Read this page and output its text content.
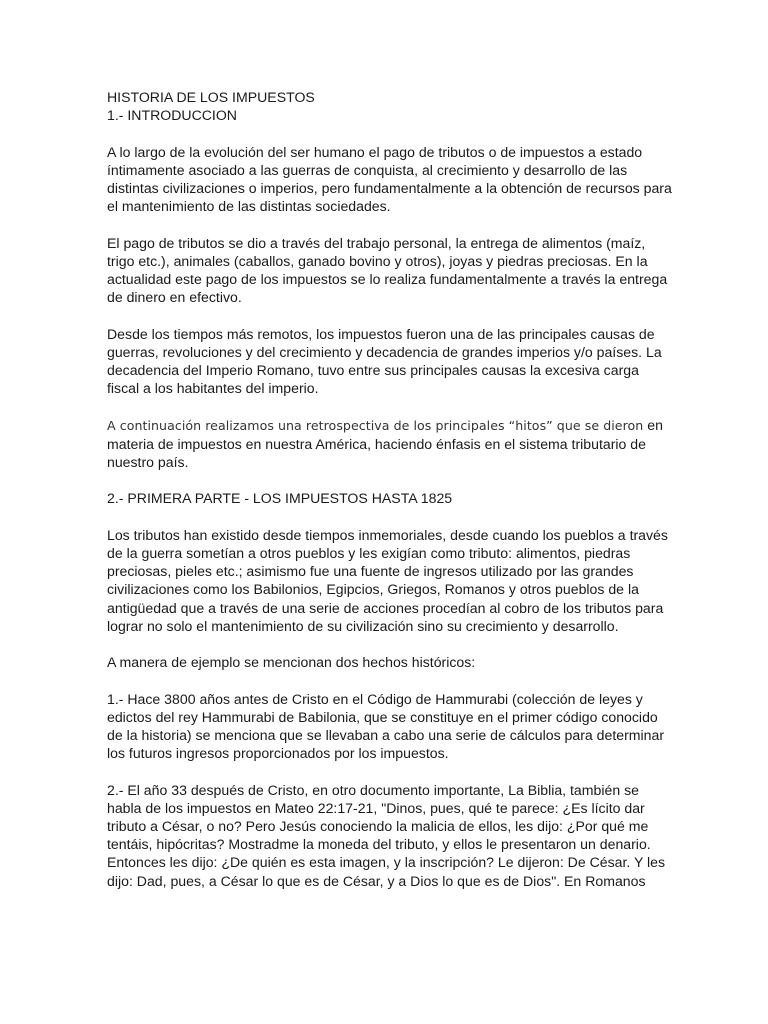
HISTORIA DE LOS IMPUESTOS
1.- INTRODUCCION
A lo largo de la evolución del ser humano el pago de tributos o de impuestos a estado
íntimamente asociado a las guerras de conquista, al crecimiento y desarrollo de las
distintas civilizaciones o imperios, pero fundamentalmente a la obtención de recursos para
el mantenimiento de las distintas sociedades.
El pago de tributos se dio a través del trabajo personal, la entrega de alimentos (maíz,
trigo etc.), animales (caballos, ganado bovino y otros), joyas y piedras preciosas. En la
actualidad este pago de los impuestos se lo realiza fundamentalmente a través la entrega
de dinero en efectivo.
Desde los tiempos más remotos, los impuestos fueron una de las principales causas de
guerras, revoluciones y del crecimiento y decadencia de grandes imperios y/o países. La
decadencia del Imperio Romano, tuvo entre sus principales causas la excesiva carga
fiscal a los habitantes del imperio.
A continuación realizamos una retrospectiva de los principales “hitos” que se dieron en
materia de impuestos en nuestra América, haciendo énfasis en el sistema tributario de
nuestro país.
2.- PRIMERA PARTE - LOS IMPUESTOS HASTA 1825
Los tributos han existido desde tiempos inmemoriales, desde cuando los pueblos a través
de la guerra sometían a otros pueblos y les exigían como tributo: alimentos, piedras
preciosas, pieles etc.; asimismo fue una fuente de ingresos utilizado por las grandes
civilizaciones como los Babilonios, Egipcios, Griegos, Romanos y otros pueblos de la
antigüedad que a través de una serie de acciones procedían al cobro de los tributos para
lograr no solo el mantenimiento de su civilización sino su crecimiento y desarrollo.
A manera de ejemplo se mencionan dos hechos históricos:
1.- Hace 3800 años antes de Cristo en el Código de Hammurabi (colección de leyes y
edictos del rey Hammurabi de Babilonia, que se constituye en el primer código conocido
de la historia) se menciona que se llevaban a cabo una serie de cálculos para determinar
los futuros ingresos proporcionados por los impuestos.
2.- El año 33 después de Cristo, en otro documento importante, La Biblia, también se
habla de los impuestos en Mateo 22:17-21, "Dinos, pues, qué te parece: ¿Es lícito dar
tributo a César, o no? Pero Jesús conociendo la malicia de ellos, les dijo: ¿Por qué me
tentáis, hipócritas? Mostradme la moneda del tributo, y ellos le presentaron un denario.
Entonces les dijo: ¿De quién es esta imagen, y la inscripción? Le dijeron: De César. Y les
dijo: Dad, pues, a César lo que es de César, y a Dios lo que es de Dios". En Romanos
